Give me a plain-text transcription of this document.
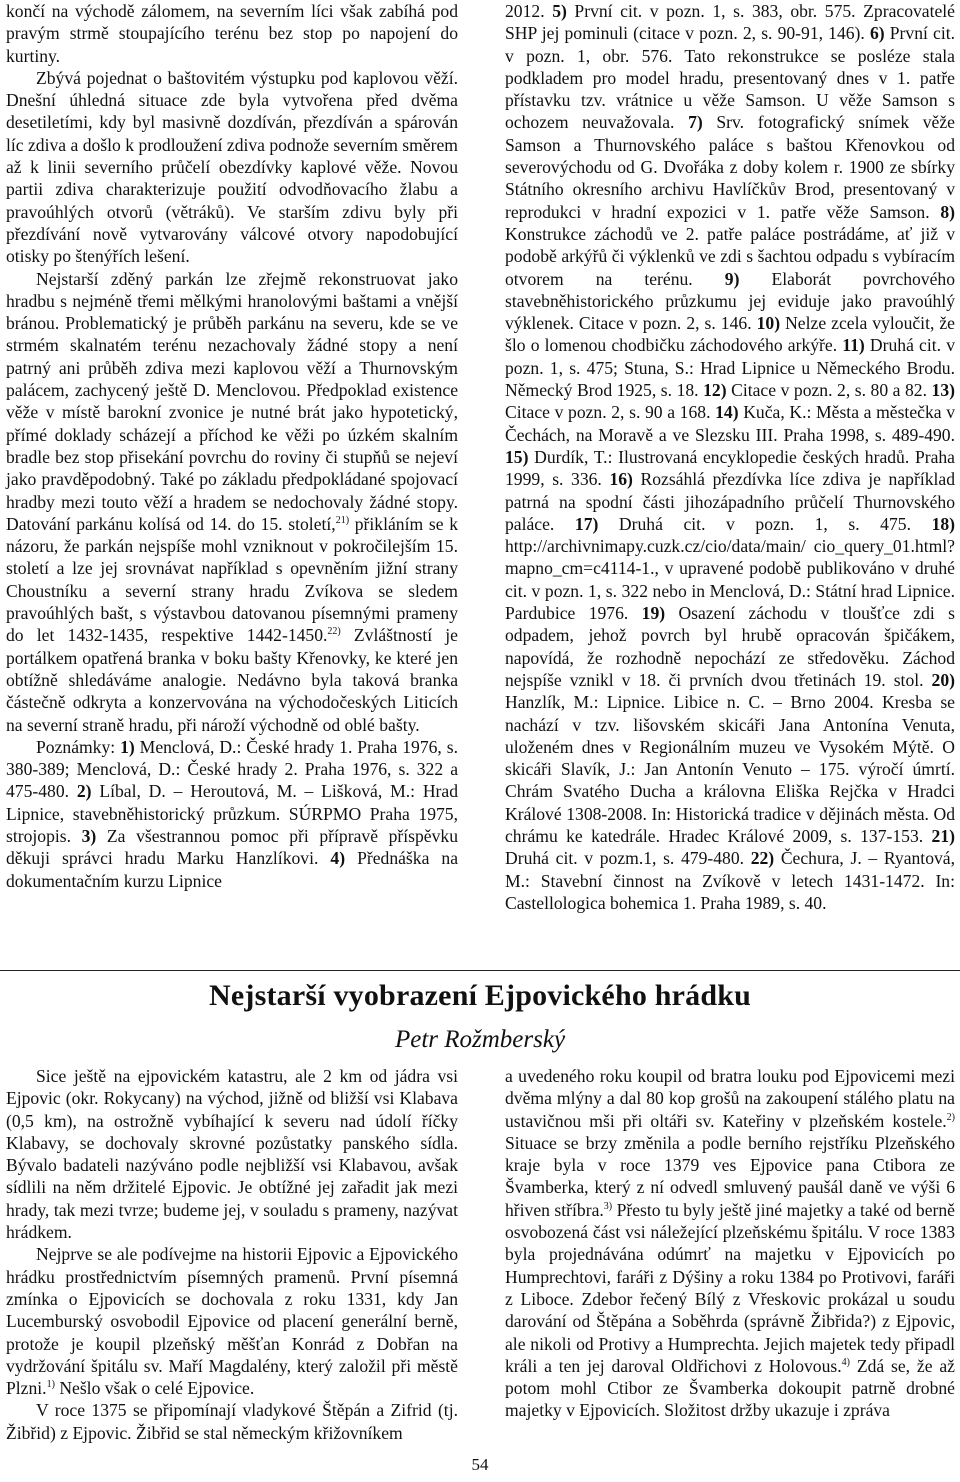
končí na východě zálomem, na severním líci však zabíhá pod pravým strmě stoupajícího terénu bez stop po napojení do kurtiny.

Zbývá pojednat o baštovitém výstupku pod kaplovou věží. Dnešní úhledná situace zde byla vytvořena před dvěma desetiletími, kdy byl masivně dozdíván, přezdíván a spárován líc zdiva a došlo k prodloužení zdiva podnože severním směrem až k linii severního průčelí obezdívky kaplové věže. Novou partii zdiva charakterizuje použití odvodňovacího žlabu a pravoúhlých otvorů (větráků). Ve starším zdivu byly při přezdívání nově vytvarovány válcové otvory napodobující otisky po štenýřích lešení.

Nejstarší zděný parkán lze zřejmě rekonstruovat jako hradbu s nejméně třemi mělkými hranolovými baštami a vnější bránou. Problematický je průběh parkánu na severu, kde se ve strmém skalnatém terénu nezachovaly žádné stopy a není patrný ani průběh zdiva mezi kaplovou věží a Thurnovským palácem, zachycený ještě D. Menclovou. Předpoklad existence věže v místě barokní zvonice je nutné brát jako hypotetický, přímé doklady scházejí a příchod ke věži po úzkém skalním bradle bez stop přisekání povrchu do roviny či stupňů se nejeví jako pravděpodobný. Také po základu předpokládané spojovací hradby mezi touto věží a hradem se nedochovaly žádné stopy. Datování parkánu kolísá od 14. do 15. století,$^{21)}$ přikláním se k názoru, že parkán nejspíše mohl vzniknout v pokročilejším 15. století a lze jej srovnávat například s opevněním jižní strany Choustníku a severní strany hradu Zvíkova se sledem pravoúhlých bašt, s výstavbou datovanou písemnými prameny do let 1432-1435, respektive 1442-1450.$^{22)}$ Zvláštností je portálkem opatřená branka v boku bašty Křenovky, ke které jen obtížně shledáváme analogie. Nedávno byla taková branka částečně odkryta a konzervována na východočeských Liticích na severní straně hradu, při nároží východně od oblé bašty.

Poznámky: 1) Menclová, D.: České hrady 1. Praha 1976, s. 380-389; Menclová, D.: České hrady 2. Praha 1976, s. 322 a 475-480. 2) Líbal, D. – Heroutová, M. – Lišková, M.: Hrad Lipnice, stavebněhistorický průzkum. SÚRPMO Praha 1975, strojopis. 3) Za všestrannou pomoc při přípravě příspěvku děkuji správci hradu Marku Hanzlíkovi. 4) Přednáška na dokumentačním kurzu Lipnice

2012. 5) První cit. v pozn. 1, s. 383, obr. 575. Zpracovatelé SHP jej pominuli (citace v pozn. 2, s. 90-91, 146). 6) První cit. v pozn. 1, obr. 576. Tato rekonstrukce se posléze stala podkladem pro model hradu, presentovaný dnes v 1. patře přístavku tzv. vrátnice u věže Samson. U věže Samson s ochozem neuvažovala. 7) Srv. fotografický snímek věže Samson a Thurnovského paláce s baštou Křenovkou od severovýchodu od G. Dvořáka z doby kolem r. 1900 ze sbírky Státního okresního archivu Havlíčkův Brod, presentovaný v reprodukci v hradní expozici v 1. patře věže Samson. 8) Konstrukce záchodů ve 2. patře paláce postrádáme, ať již v podobě arkýřů či výklenků ve zdi s šachtou odpadu s vybíracím otvorem na terénu. 9) Elaborát povrchového stavebněhistorického průzkumu jej eviduje jako pravoúhlý výklenek. Citace v pozn. 2, s. 146. 10) Nelze zcela vyloučit, že šlo o lomenou chodbičku záchodového arkýře. 11) Druhá cit. v pozn. 1, s. 475; Stuna, S.: Hrad Lipnice u Německého Brodu. Německý Brod 1925, s. 18. 12) Citace v pozn. 2, s. 80 a 82. 13) Citace v pozn. 2, s. 90 a 168. 14) Kuča, K.: Města a městečka v Čechách, na Moravě a ve Slezsku III. Praha 1998, s. 489-490. 15) Durdík, T.: Ilustrovaná encyklopedie českých hradů. Praha 1999, s. 336. 16) Rozsáhlá přezdívka líce zdiva je například patrná na spodní části jihozápadního průčelí Thurnovského paláce. 17) Druhá cit. v pozn. 1, s. 475. 18) http://archivnimapy.cuzk.cz/cio/data/main/ cio_query_01.html?mapno_cm=c4114-1., v upravené podobě publikováno v druhé cit. v pozn. 1, s. 322 nebo in Menclová, D.: Státní hrad Lipnice. Pardubice 1976. 19) Osazení záchodu v tloušťce zdi s odpadem, jehož povrch byl hrubě opracován špičákem, napovídá, že rozhodně nepochází ze středověku. Záchod nejspíše vznikl v 18. či prvních dvou třetinách 19. stol. 20) Hanzlík, M.: Lipnice. Libice n. C. – Brno 2004. Kresba se nachází v tzv. lišovském skicáři Jana Antonína Venuta, uloženém dnes v Regionálním muzeu ve Vysokém Mýtě. O skicáři Slavík, J.: Jan Antonín Venuto – 175. výročí úmrtí. Chrám Svatého Ducha a královna Eliška Rejčka v Hradci Králové 1308-2008. In: Historická tradice v dějinách města. Od chrámu ke katedrále. Hradec Králové 2009, s. 137-153. 21) Druhá cit. v pozm.1, s. 479-480. 22) Čechura, J. – Ryantová, M.: Stavební činnost na Zvíkově v letech 1431-1472. In: Castellologica bohemica 1. Praha 1989, s. 40.

Nejstarší vyobrazení Ejpovického hrádku
Petr Rožmberský

Sice ještě na ejpovickém katastru, ale 2 km od jádra vsi Ejpovic (okr. Rokycany) na východ, jižně od bližší vsi Klabava (0,5 km), na ostrožně vybíhající k severu nad údolí říčky Klabavy, se dochovaly skrovné pozůstatky panského sídla. Bývalo badateli nazýváno podle nejbližší vsi Klabavou, avšak sídlili na něm držitelé Ejpovic. Je obtížné jej zařadit jak mezi hrady, tak mezi tvrze; budeme jej, v souladu s prameny, nazývat hrádkem.

Nejprve se ale podívejme na historii Ejpovic a Ejpovického hrádku prostřednictvím písemných pramenů. První písemná zmínka o Ejpovicích se dochovala z roku 1331, kdy Jan Lucemburský osvobodil Ejpovice od placení generální berně, protože je koupil plzeňský měšťan Konrád z Dobřan na vydržování špitálu sv. Maří Magdalény, který založil při městě Plzni.$^{1)}$ Nešlo však o celé Ejpovice.

V roce 1375 se připomínají vladykové Štěpán a Zifrid (tj. Žibřid) z Ejpovic. Žibřid se stal německým křižovníkem

a uvedeného roku koupil od bratra louku pod Ejpovicemi mezi dvěma mlýny a dal 80 kop grošů na zakoupení stálého platu na ustavičnou mši při oltáři sv. Kateřiny v plzeňském kostele.$^{2)}$ Situace se brzy změnila a podle berního rejstříku Plzeňského kraje byla v roce 1379 ves Ejpovice pana Ctibora ze Švamberka, který z ní odvedl smluvený paušál daně ve výši 6 hřiven stříbra.$^{3)}$ Přesto tu byly ještě jiné majetky a také od berně osvobozená část vsi náležející plzeňskému špitálu. V roce 1383 byla projednávána odúmrť na majetku v Ejpovicích po Humprechtovi, faráři z Dýšiny a roku 1384 po Protivovi, faráři z Liboce. Zdebor řečený Bílý z Vřeskovic prokázal u soudu darování od Štěpána a Soběhrda (správně Žibřida?) z Ejpovic, ale nikoli od Protivy a Humprechta. Jejich majetek tedy připadl králi a ten jej daroval Oldřichovi z Holovous.$^{4)}$ Zdá se, že až potom mohl Ctibor ze Švamberka dokoupit patrně drobné majetky v Ejpovicích. Složitost držby ukazuje i zpráva

54
